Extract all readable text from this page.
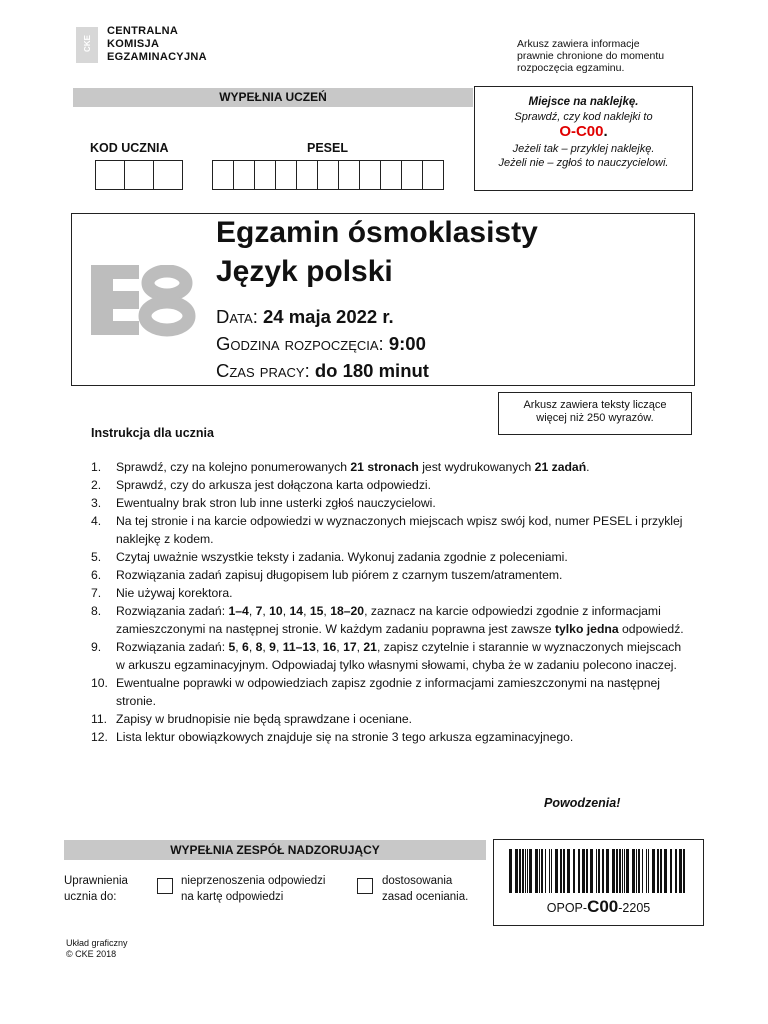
CKE
CENTRALNA
KOMISJA
EGZAMINACYJNA
Arkusz zawiera informacje
prawnie chronione do momentu
rozpoczęcia egzaminu.
WYPEŁNIA UCZEŃ	Miejsce na naklejkę.
Sprawdź, czy kod naklejki to
O-C00.
Jeżeli tak – przyklej naklejkę.
Jeżeli nie – zgłoś to nauczycielowi.
KOD UCZNIA	PESEL
Egzamin ósmoklasisty
Język polski
Data: 24 maja 2022 r.
Godzina rozpoczęcia: 9:00
Czas pracy: do 180 minut
Arkusz zawiera teksty liczące
więcej niż 250 wyrazów.
Instrukcja dla ucznia
1. Sprawdź, czy na kolejno ponumerowanych 21 stronach jest wydrukowanych 21 zadań.
2. Sprawdź, czy do arkusza jest dołączona karta odpowiedzi.
3. Ewentualny brak stron lub inne usterki zgłoś nauczycielowi.
4. Na tej stronie i na karcie odpowiedzi w wyznaczonych miejscach wpisz swój kod, numer PESEL i przyklej naklejkę z kodem.
5. Czytaj uważnie wszystkie teksty i zadania. Wykonuj zadania zgodnie z poleceniami.
6. Rozwiązania zadań zapisuj długopisem lub piórem z czarnym tuszem/atramentem.
7. Nie używaj korektora.
8. Rozwiązania zadań: 1–4, 7, 10, 14, 15, 18–20, zaznacz na karcie odpowiedzi zgodnie z informacjami zamieszczonymi na następnej stronie. W każdym zadaniu poprawna jest zawsze tylko jedna odpowiedź.
9. Rozwiązania zadań: 5, 6, 8, 9, 11–13, 16, 17, 21, zapisz czytelnie i starannie w wyznaczonych miejscach w arkuszu egzaminacyjnym. Odpowiadaj tylko własnymi słowami, chyba że w zadaniu polecono inaczej.
10. Ewentualne poprawki w odpowiedziach zapisz zgodnie z informacjami zamieszczonymi na następnej stronie.
11. Zapisy w brudnopisie nie będą sprawdzane i oceniane.
12. Lista lektur obowiązkowych znajduje się na stronie 3 tego arkusza egzaminacyjnego.
Powodzenia!
WYPEŁNIA ZESPÓŁ NADZORUJĄCY
Uprawnienia
ucznia do:
nieprzenoszenia odpowiedzi
na kartę odpowiedzi
dostosowania
zasad oceniania.
OPOP-C00-2205
Układ graficzny
© CKE 2018
